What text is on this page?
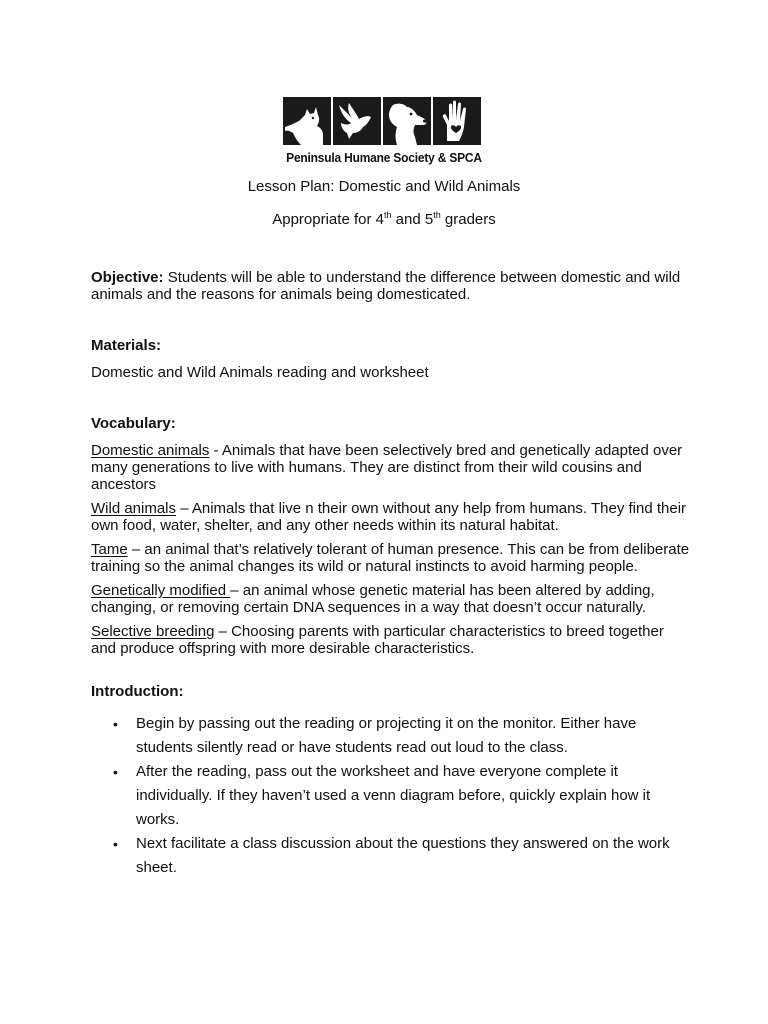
Peninsula Humane Society & SPCA
Lesson Plan: Domestic and Wild Animals
Appropriate for 4th and 5th graders

Objective: Students will be able to understand the difference between domestic and wild animals and the reasons for animals being domesticated.

Materials:

Domestic and Wild Animals reading and worksheet

Vocabulary:

Domestic animals - Animals that have been selectively bred and genetically adapted over many generations to live with humans. They are distinct from their wild cousins and ancestors

Wild animals – Animals that live n their own without any help from humans. They find their own food, water, shelter, and any other needs within its natural habitat.

Tame – an animal that’s relatively tolerant of human presence. This can be from deliberate training so the animal changes its wild or natural instincts to avoid harming people.

Genetically modified – an animal whose genetic material has been altered by adding, changing, or removing certain DNA sequences in a way that doesn’t occur naturally.

Selective breeding – Choosing parents with particular characteristics to breed together and produce offspring with more desirable characteristics.

Introduction:

• Begin by passing out the reading or projecting it on the monitor. Either have students silently read or have students read out loud to the class.
• After the reading, pass out the worksheet and have everyone complete it individually. If they haven’t used a venn diagram before, quickly explain how it works.
• Next facilitate a class discussion about the questions they answered on the work sheet.
